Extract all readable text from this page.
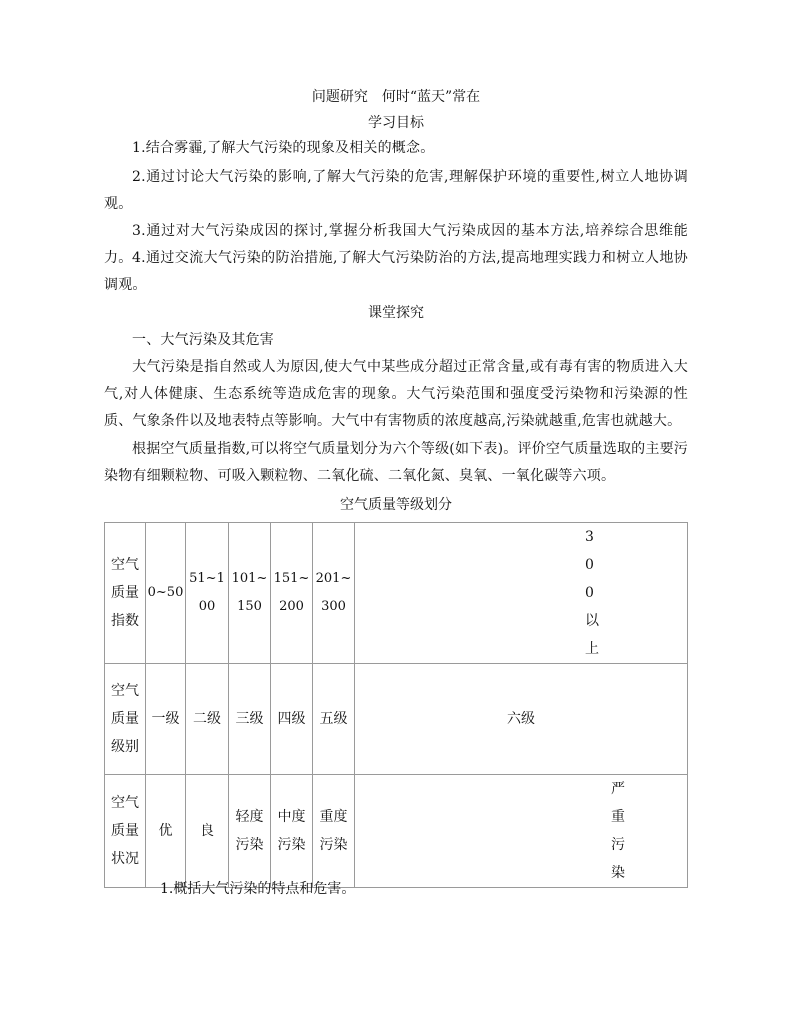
问题研究　何时“蓝天”常在
学习目标
1.结合雾霾,了解大气污染的现象及相关的概念。
2.通过讨论大气污染的影响,了解大气污染的危害,理解保护环境的重要性,树立人地协调观。
3.通过对大气污染成因的探讨,掌握分析我国大气污染成因的基本方法,培养综合思维能力。 4.通过交流大气污染的防治措施,了解大气污染防治的方法,提高地理实践力和树立人地协调观。
课堂探究
一、大气污染及其危害
大气污染是指自然或人为原因,使大气中某些成分超过正常含量,或有毒有害的物质进入大气,对人体健康、生态系统等造成危害的现象。大气污染范围和强度受污染物和污染源的性质、气象条件以及地表特点等影响。大气中有害物质的浓度越高,污染就越重,危害也就越大。
根据空气质量指数,可以将空气质量划分为六个等级(如下表)。评价空气质量选取的主要污染物有细颗粒物、可吸入颗粒物、二氧化硫、二氧化氮、臭氧、一氧化碳等六项。
空气质量等级划分
空气质量指数	0~50	51~100	101~150	151~200	201~300	300以上
空气质量级别	一级	二级	三级	四级	五级	六级
空气质量状况	优	良	轻度污染	中度污染	重度污染	严重污染
1.概括大气污染的特点和危害。
